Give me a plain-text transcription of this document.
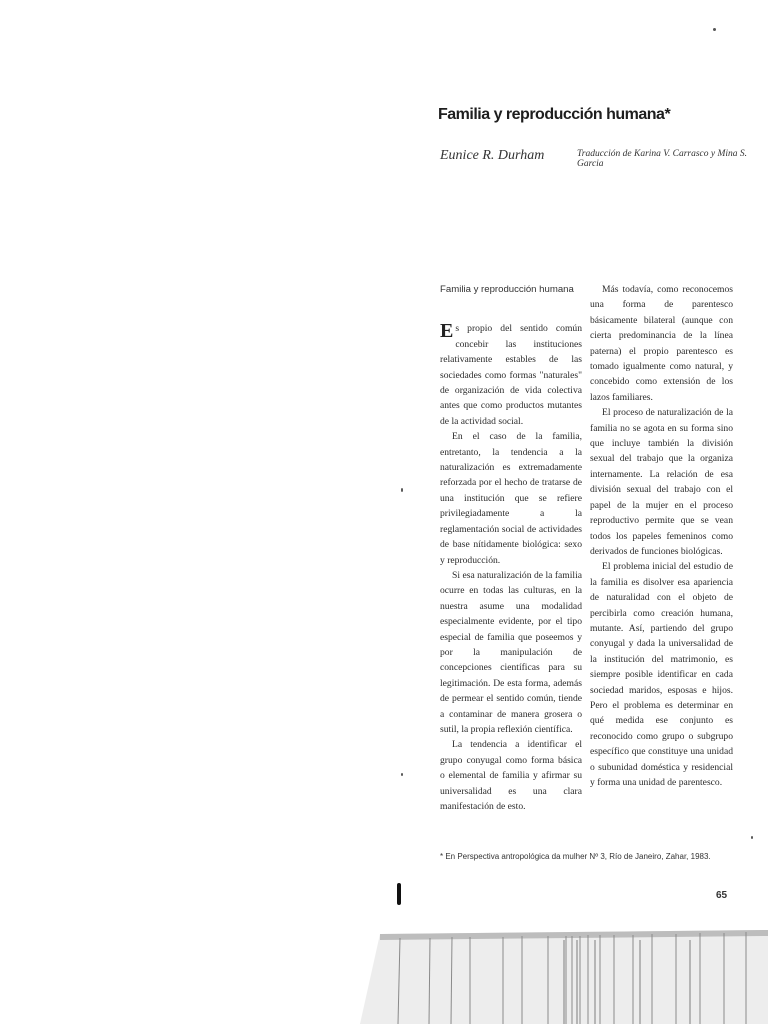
Familia y reproducción humana*
Eunice R. Durham	Traducción de Karina V. Carrasco y Mina S. Garcia
Familia y reproducción humana

Es propio del sentido común concebir las instituciones relativamente estables de las sociedades como formas "naturales" de organización de vida colectiva antes que como productos mutantes de la actividad social.

En el caso de la familia, entretanto, la tendencia a la naturalización es extremadamente reforzada por el hecho de tratarse de una institución que se refiere privilegiadamente a la reglamentación social de actividades de base nítidamente biológica: sexo y reproducción.

Si esa naturalización de la familia ocurre en todas las culturas, en la nuestra asume una modalidad especialmente evidente, por el tipo especial de familia que poseemos y por la manipulación de concepciones científicas para su legitimación. De esta forma, además de permear el sentido común, tiende a contaminar de manera grosera o sutil, la propia reflexión científica.

La tendencia a identificar el grupo conyugal como forma básica o elemental de familia y afirmar su universalidad es una clara manifestación de esto.

Más todavía, como reconocemos una forma de parentesco básicamente bilateral (aunque con cierta predominancia de la línea paterna) el propio parentesco es tomado igualmente como natural, y concebido como extensión de los lazos familiares.

El proceso de naturalización de la familia no se agota en su forma sino que incluye también la división sexual del trabajo que la organiza internamente. La relación de esa división sexual del trabajo con el papel de la mujer en el proceso reproductivo permite que se vean todos los papeles femeninos como derivados de funciones biológicas.

El problema inicial del estudio de la familia es disolver esa apariencia de naturalidad con el objeto de percibirla como creación humana, mutante. Así, partiendo del grupo conyugal y dada la universalidad de la institución del matrimonio, es siempre posible identificar en cada sociedad maridos, esposas e hijos. Pero el problema es determinar en qué medida ese conjunto es reconocido como grupo o subgrupo específico que constituye una unidad o subunidad doméstica y residencial y forma una unidad de parentesco.

* En Perspectiva antropológica da mulher Nº 3, Río de Janeiro, Zahar, 1983.
65
